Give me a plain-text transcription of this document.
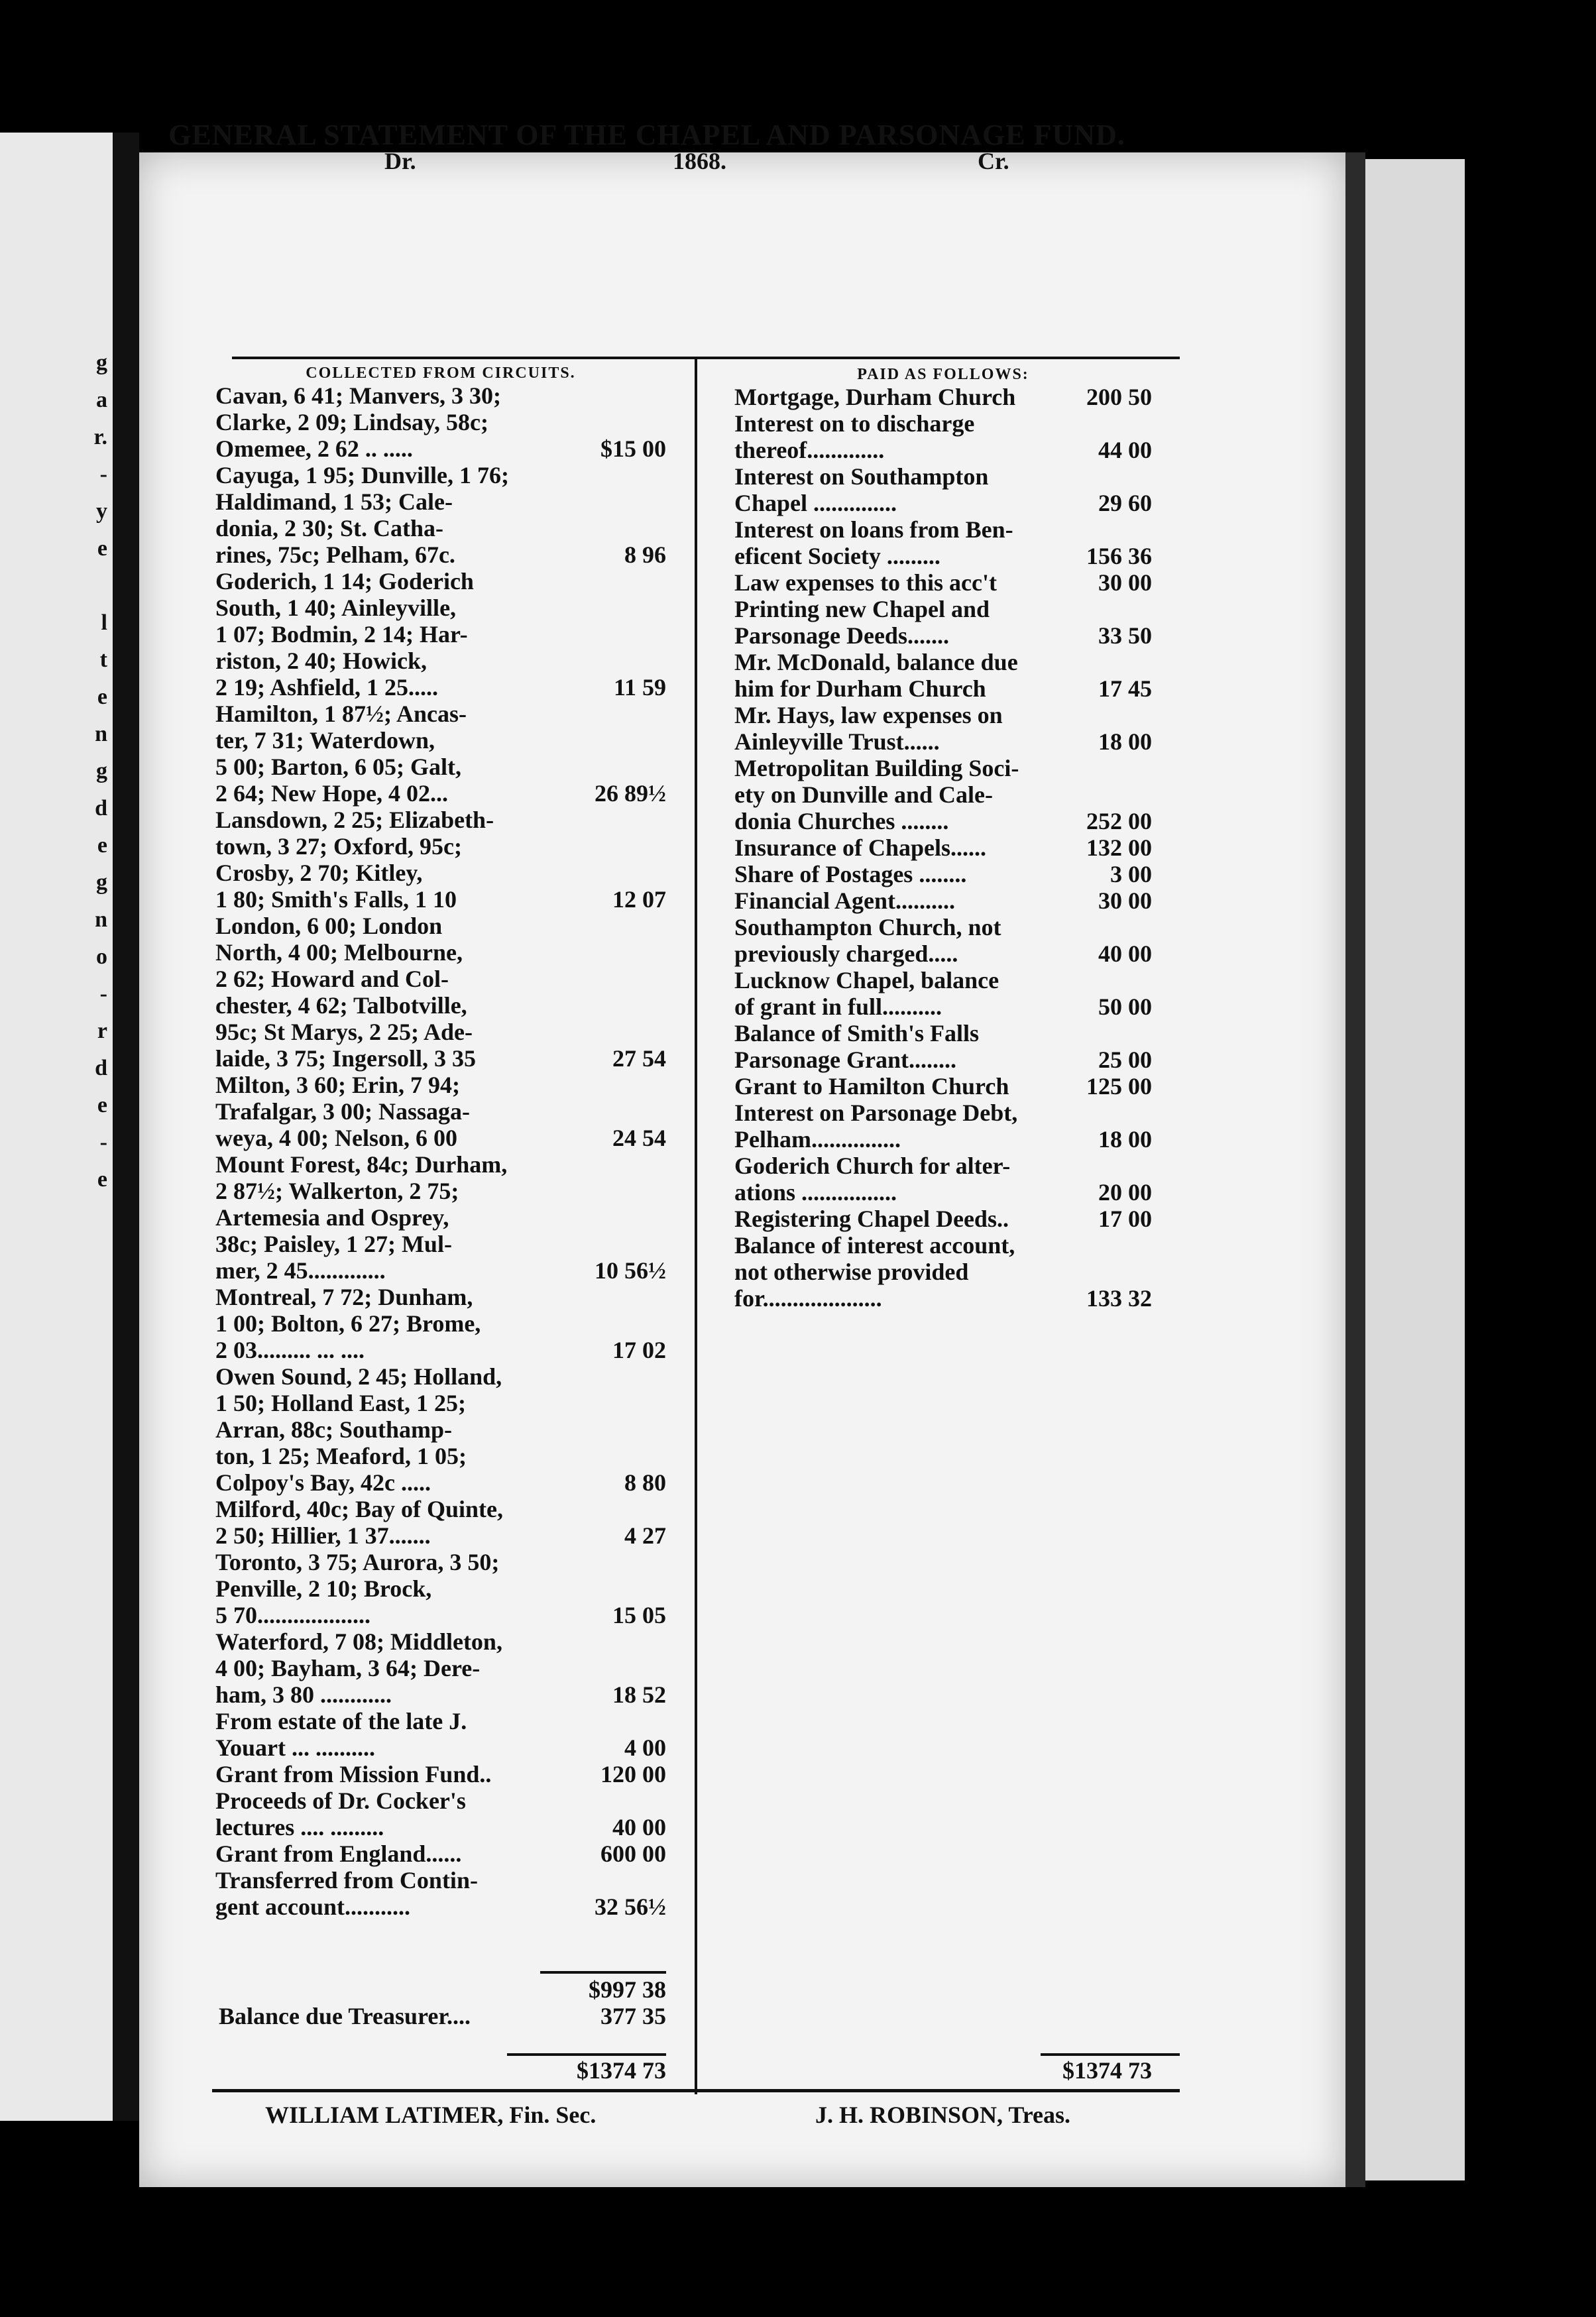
g
a
r.
-
y
e
l
t
e
n
g
d
e
g
n
o
-
r
d
e
-
e
GENERAL STATEMENT OF THE CHAPEL AND PARSONAGE FUND.
Dr.	1868.	Cr.
COLLECTED FROM CIRCUITS.
Cavan, 6 41; Manvers, 3 30;
Clarke, 2 09; Lindsay, 58c;
Omemee, 2 62 .. .....	$15 00
Cayuga, 1 95; Dunville, 1 76;
Haldimand, 1 53; Cale-
donia, 2 30; St. Catha-
rines, 75c; Pelham, 67c.	8 96
Goderich, 1 14; Goderich
South, 1 40; Ainleyville,
1 07; Bodmin, 2 14; Har-
riston, 2 40; Howick,
2 19; Ashfield, 1 25.....	11 59
Hamilton, 1 87½; Ancas-
ter, 7 31; Waterdown,
5 00; Barton, 6 05; Galt,
2 64; New Hope, 4 02...	26 89½
Lansdown, 2 25; Elizabeth-
town, 3 27; Oxford, 95c;
Crosby, 2 70; Kitley,
1 80; Smith's Falls, 1 10	12 07
London, 6 00; London
North, 4 00; Melbourne,
2 62; Howard and Col-
chester, 4 62; Talbotville,
95c; St Marys, 2 25; Ade-
laide, 3 75; Ingersoll, 3 35	27 54
Milton, 3 60; Erin, 7 94;
Trafalgar, 3 00; Nassaga-
weya, 4 00; Nelson, 6 00	24 54
Mount Forest, 84c; Durham,
2 87½; Walkerton, 2 75;
Artemesia and Osprey,
38c; Paisley, 1 27; Mul-
mer, 2 45.............	10 56½
Montreal, 7 72; Dunham,
1 00; Bolton, 6 27; Brome,
2 03......... ... ....	17 02
Owen Sound, 2 45; Holland,
1 50; Holland East, 1 25;
Arran, 88c; Southamp-
ton, 1 25; Meaford, 1 05;
Colpoy's Bay, 42c .....	8 80
Milford, 40c; Bay of Quinte,
2 50; Hillier, 1 37.......	4 27
Toronto, 3 75; Aurora, 3 50;
Penville, 2 10; Brock,
5 70...................	15 05
Waterford, 7 08; Middleton,
4 00; Bayham, 3 64; Dere-
ham, 3 80 ............	18 52
From estate of the late J.
Youart ... ..........	4 00
Grant from Mission Fund..	120 00
Proceeds of Dr. Cocker's
lectures .... .........	40 00
Grant from England......	600 00
Transferred from Contin-
gent account...........	32 56½
$997 38
Balance due Treasurer....	377 35
$1374 73
PAID AS FOLLOWS:
Mortgage, Durham Church	200 50
Interest on to discharge
thereof.............	44 00
Interest on Southampton
Chapel ..............	29 60
Interest on loans from Ben-
eficent Society .........	156 36
Law expenses to this acc't	30 00
Printing new Chapel and
Parsonage Deeds.......	33 50
Mr. McDonald, balance due
him for Durham Church	17 45
Mr. Hays, law expenses on
Ainleyville Trust......	18 00
Metropolitan Building Soci-
ety on Dunville and Cale-
donia Churches ........	252 00
Insurance of Chapels......	132 00
Share of Postages ........	3 00
Financial Agent..........	30 00
Southampton Church, not
previously charged.....	40 00
Lucknow Chapel, balance
of grant in full..........	50 00
Balance of Smith's Falls
Parsonage Grant........	25 00
Grant to Hamilton Church	125 00
Interest on Parsonage Debt,
Pelham...............	18 00
Goderich Church for alter-
ations ................	20 00
Registering Chapel Deeds..	17 00
Balance of interest account,
not otherwise provided
for....................	133 32
$1374 73
WILLIAM LATIMER, Fin. Sec.	J. H. ROBINSON, Treas.
